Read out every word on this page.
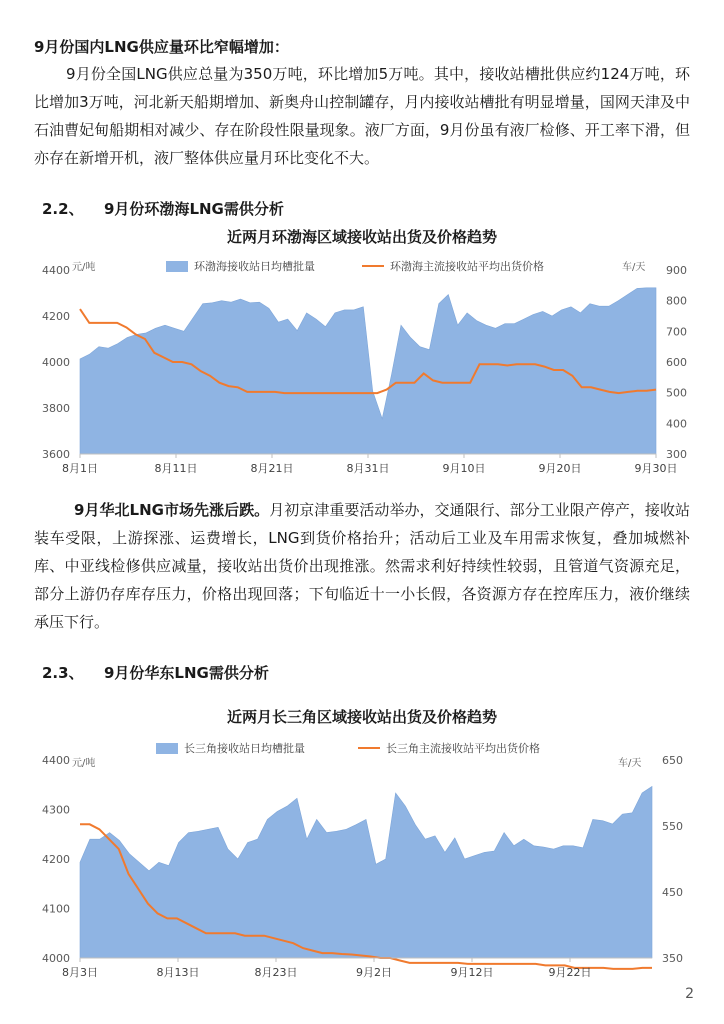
9月份国内LNG供应量环比窄幅增加：
9月份全国LNG供应总量为350万吨，环比增加5万吨。其中，接收站槽批供应约124万吨，环比增加3万吨，河北新天船期增加、新奥舟山控制罐存，月内接收站槽批有明显增量，国网天津及中石油曹妃甸船期相对减少、存在阶段性限量现象。液厂方面，9月份虽有液厂检修、开工率下滑，但亦存在新增开机，液厂整体供应量月环比变化不大。
2.2、 9月份环渤海LNG需供分析
近两月环渤海区域接收站出货及价格趋势
3600
3800
4000
4200
4400
300
400
500
600
700
800
900
元/吨	车/天
8月1日	8月11日	8月21日	8月31日	9月10日	9月20日	9月30日
环渤海接收站日均槽批量	环渤海主流接收站平均出货价格
9月华北LNG市场先涨后跌。月初京津重要活动举办，交通限行、部分工业限产停产，接收站装车受限，上游探涨、运费增长，LNG到货价格抬升；活动后工业及车用需求恢复，叠加城燃补库、中亚线检修供应减量，接收站出货价出现推涨。然需求利好持续性较弱，且管道气资源充足，部分上游仍存库存压力，价格出现回落；下旬临近十一小长假，各资源方存在控库压力，液价继续承压下行。
2.3、 9月份华东LNG需供分析
近两月长三角区域接收站出货及价格趋势
4000
4100
4200
4300
4400
350
450
550
650
元/吨	车/天
8月3日	8月13日	8月23日	9月2日	9月12日	9月22日
长三角接收站日均槽批量	长三角主流接收站平均出货价格
2
